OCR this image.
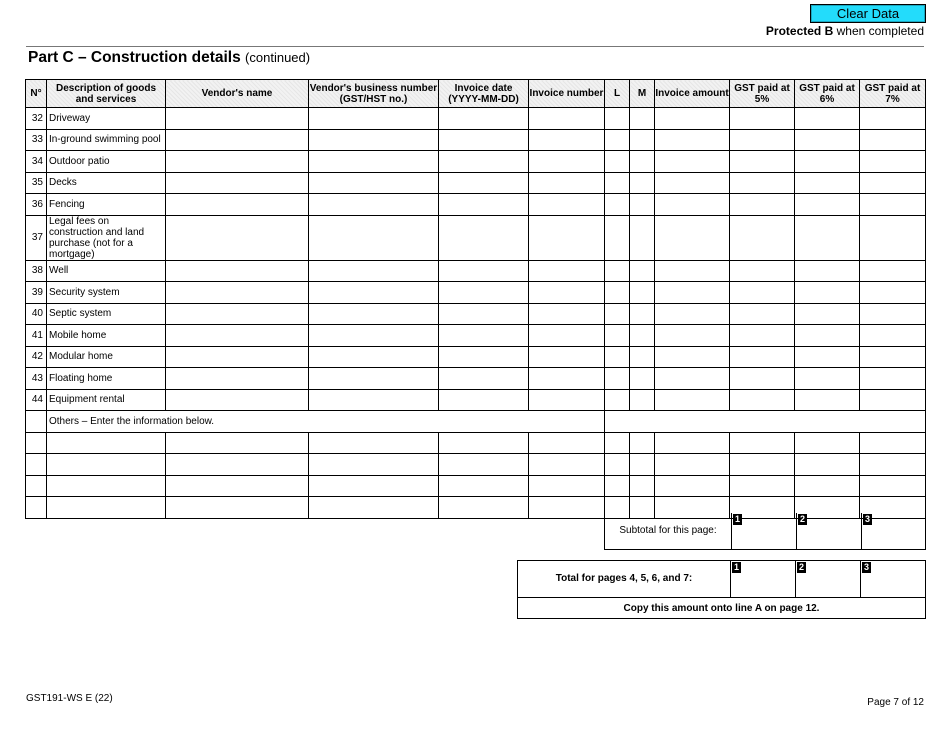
Clear Data
Protected B when completed
Part C – Construction details (continued)
N°	Description of goods and services	Vendor's name	Vendor's business number (GST/HST no.)	Invoice date (YYYY-MM-DD)	Invoice number	L	M	Invoice amount	GST paid at 5%	GST paid at 6%	GST paid at 7%
32	Driveway										
33	In-ground swimming pool										
34	Outdoor patio										
35	Decks										
36	Fencing										
37	Legal fees on construction and land purchase (not for a mortgage)										
38	Well										
39	Security system										
40	Septic system										
41	Mobile home										
42	Modular home										
43	Floating home										
44	Equipment rental										
	Others – Enter the information below.										

Subtotal for this page:
1	2	3
Total for pages 4, 5, 6, and 7:
1	2	3
Copy this amount onto line A on page 12.
GST191-WS E (22)	Page 7 of 12
